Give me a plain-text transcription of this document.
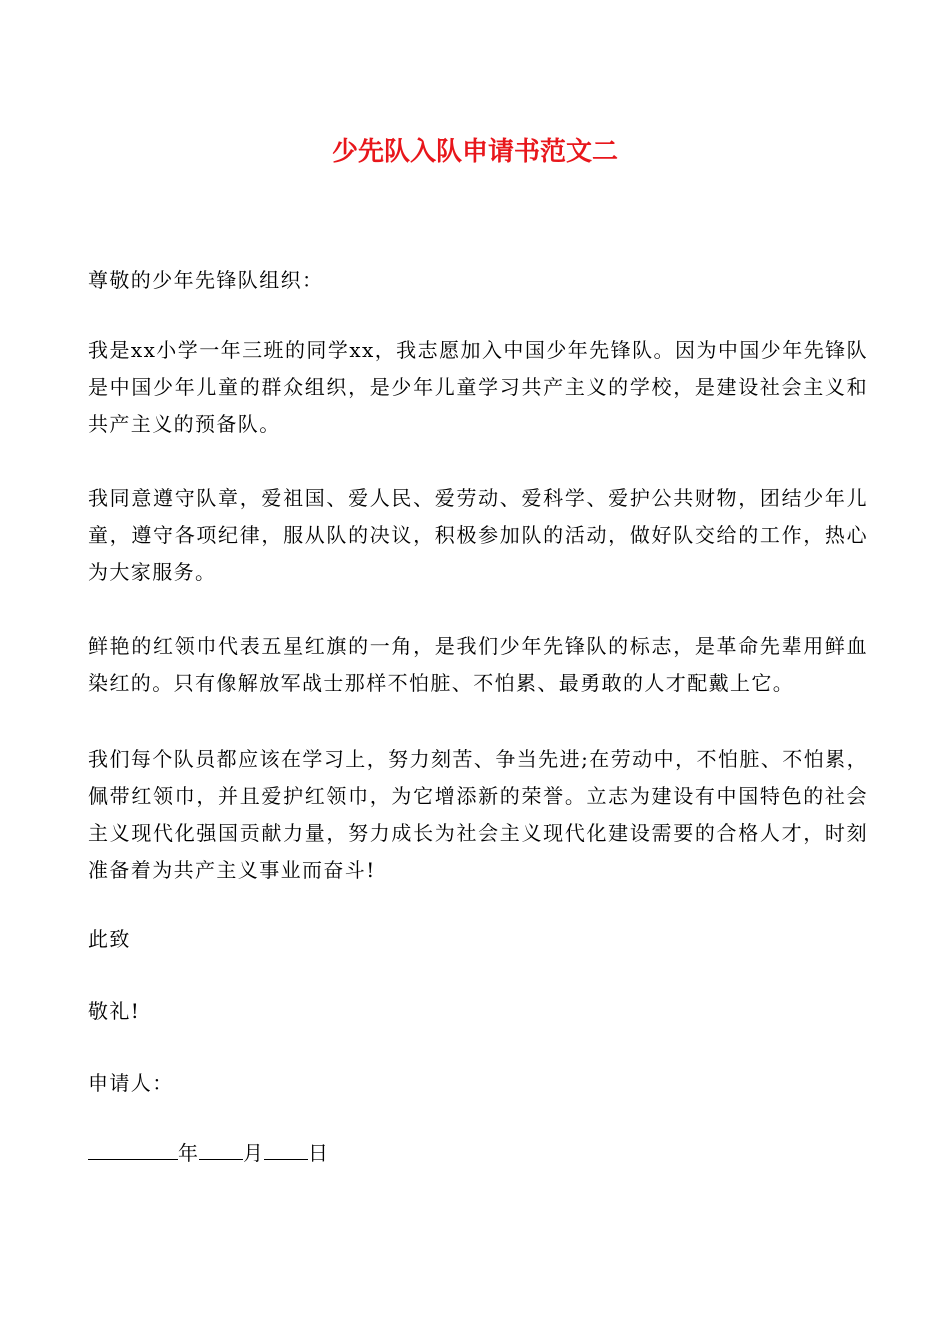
少先队入队申请书范文二

尊敬的少年先锋队组织：

我是xx小学一年三班的同学xx，我志愿加入中国少年先锋队。因为中国少年先锋队是中国少年儿童的群众组织，是少年儿童学习共产主义的学校，是建设社会主义和共产主义的预备队。

我同意遵守队章，爱祖国、爱人民、爱劳动、爱科学、爱护公共财物，团结少年儿童，遵守各项纪律，服从队的决议，积极参加队的活动，做好队交给的工作，热心为大家服务。

鲜艳的红领巾代表五星红旗的一角，是我们少年先锋队的标志，是革命先辈用鲜血染红的。只有像解放军战士那样不怕脏、不怕累、最勇敢的人才配戴上它。

我们每个队员都应该在学习上，努力刻苦、争当先进;在劳动中，不怕脏、不怕累，佩带红领巾，并且爱护红领巾，为它增添新的荣誉。立志为建设有中国特色的社会主义现代化强国贡献力量，努力成长为社会主义现代化建设需要的合格人才，时刻准备着为共产主义事业而奋斗!

此致

敬礼!

申请人：

年 月 日
